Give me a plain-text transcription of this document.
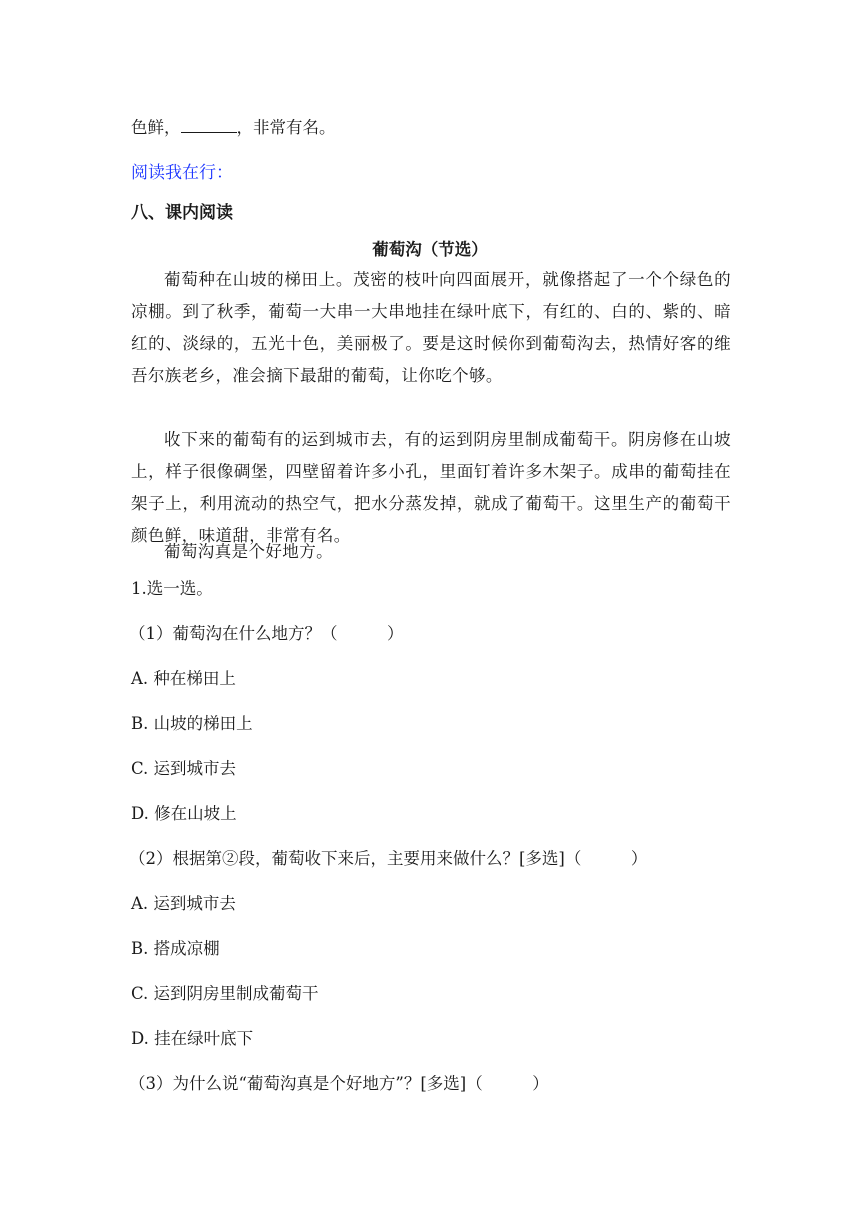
色鲜，	，非常有名。
阅读我在行：
八、课内阅读
葡萄沟（节选）
葡萄种在山坡的梯田上。茂密的枝叶向四面展开，就像搭起了一个个绿色的凉棚。到了秋季，葡萄一大串一大串地挂在绿叶底下，有红的、白的、紫的、暗红的、淡绿的，五光十色，美丽极了。要是这时候你到葡萄沟去，热情好客的维吾尔族老乡，准会摘下最甜的葡萄，让你吃个够。
收下来的葡萄有的运到城市去，有的运到阴房里制成葡萄干。阴房修在山坡上，样子很像碉堡，四壁留着许多小孔，里面钉着许多木架子。成串的葡萄挂在架子上，利用流动的热空气，把水分蒸发掉，就成了葡萄干。这里生产的葡萄干颜色鲜，味道甜，非常有名。
葡萄沟真是个好地方。
1.选一选。
（1）葡萄沟在什么地方？（　　　）
A. 种在梯田上
B. 山坡的梯田上
C. 运到城市去
D. 修在山坡上
（2）根据第②段，葡萄收下来后，主要用来做什么？[多选]（　　　）
A. 运到城市去
B. 搭成凉棚
C. 运到阴房里制成葡萄干
D. 挂在绿叶底下
（3）为什么说“葡萄沟真是个好地方”？[多选]（　　　）
